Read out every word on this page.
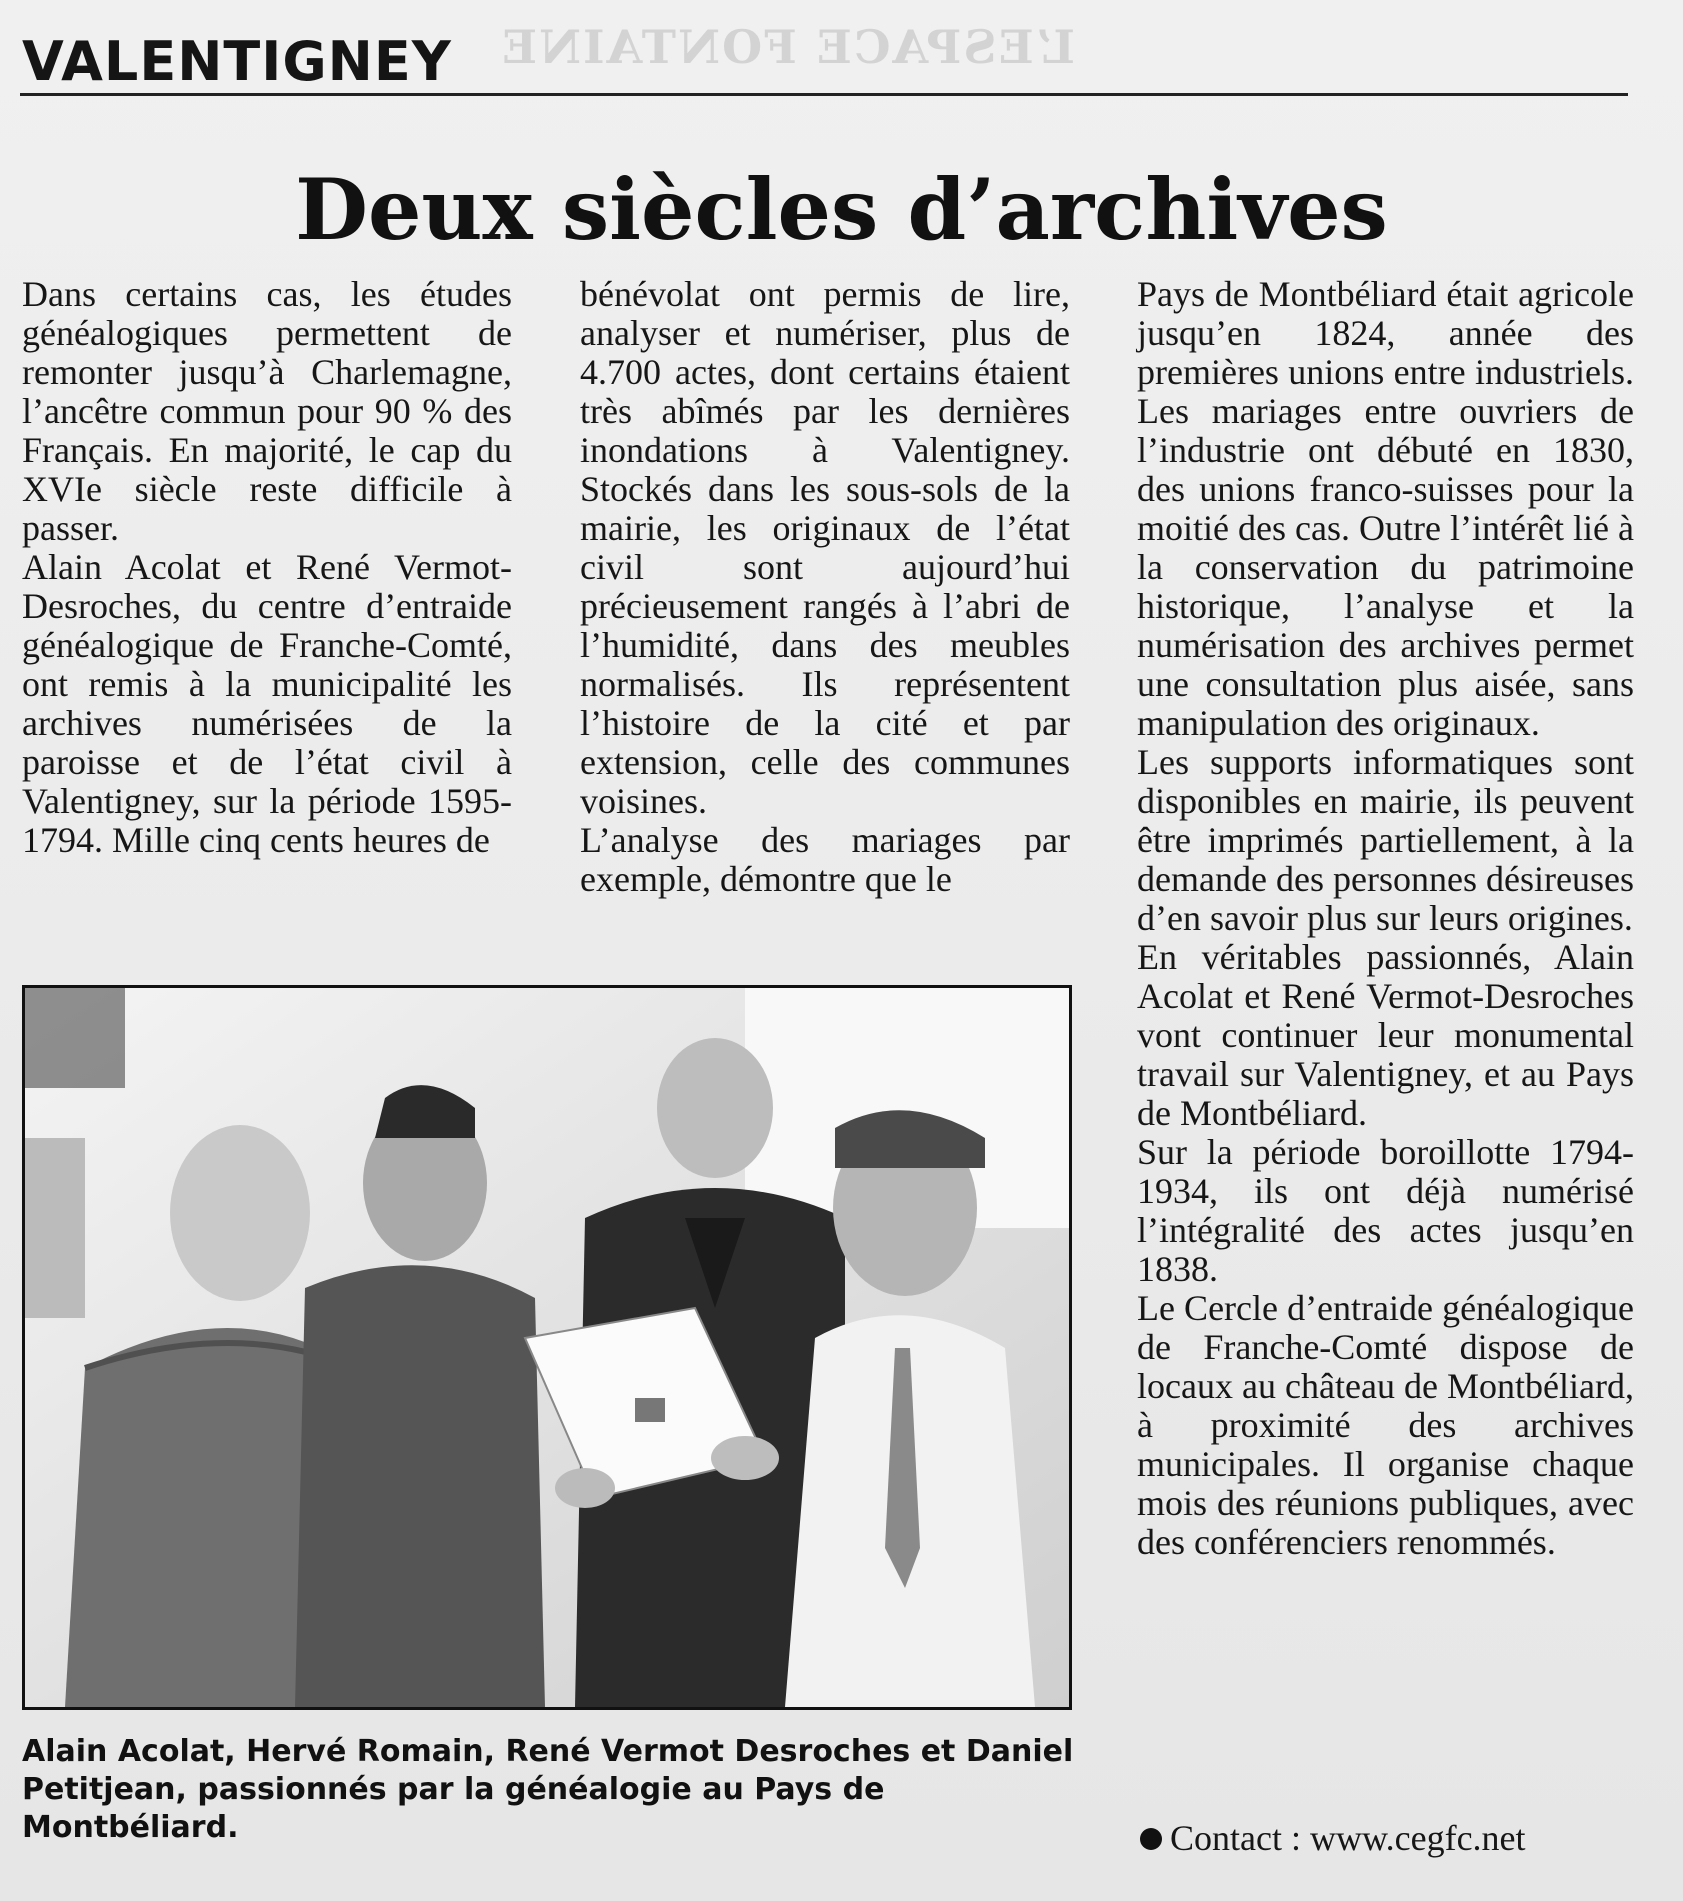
L’ESPACE FONTAINE
VALENTIGNEY
Deux siècles d’archives

Dans certains cas, les études généalogiques permettent de remonter jusqu’à Charlemagne, l’ancêtre commun pour 90 % des Français. En majorité, le cap du XVIe siècle reste difficile à passer.

Alain Acolat et René Vermot-Desroches, du centre d’entraide généalogique de Franche-Comté, ont remis à la municipalité les archives numérisées de la paroisse et de l’état civil à Valentigney, sur la période 1595-1794. Mille cinq cents heures de

bénévolat ont permis de lire, analyser et numériser, plus de 4.700 actes, dont certains étaient très abîmés par les dernières inondations à Valentigney. Stockés dans les sous-sols de la mairie, les originaux de l’état civil sont aujourd’hui précieusement rangés à l’abri de l’humidité, dans des meubles normalisés. Ils représentent l’histoire de la cité et par extension, celle des communes voisines.

L’analyse des mariages par exemple, démontre que le

Pays de Montbéliard était agricole jusqu’en 1824, année des premières unions entre industriels. Les mariages entre ouvriers de l’industrie ont débuté en 1830, des unions franco-suisses pour la moitié des cas. Outre l’intérêt lié à la conservation du patrimoine historique, l’analyse et la numérisation des archives permet une consultation plus aisée, sans manipulation des originaux.

Les supports informatiques sont disponibles en mairie, ils peuvent être imprimés partiellement, à la demande des personnes désireuses d’en savoir plus sur leurs origines.

En véritables passionnés, Alain Acolat et René Vermot-Desroches vont continuer leur monumental travail sur Valentigney, et au Pays de Montbéliard.

Sur la période boroillotte 1794-1934, ils ont déjà numérisé l’intégralité des actes jusqu’en 1838.

Le Cercle d’entraide généalogique de Franche-Comté dispose de locaux au château de Montbéliard, à proximité des archives municipales. Il organise chaque mois des réunions publiques, avec des conférenciers renommés.

Alain Acolat, Hervé Romain, René Vermot Desroches et Daniel Petitjean, passionnés par la généalogie au Pays de Montbéliard.	Contact : www.cegfc.net
